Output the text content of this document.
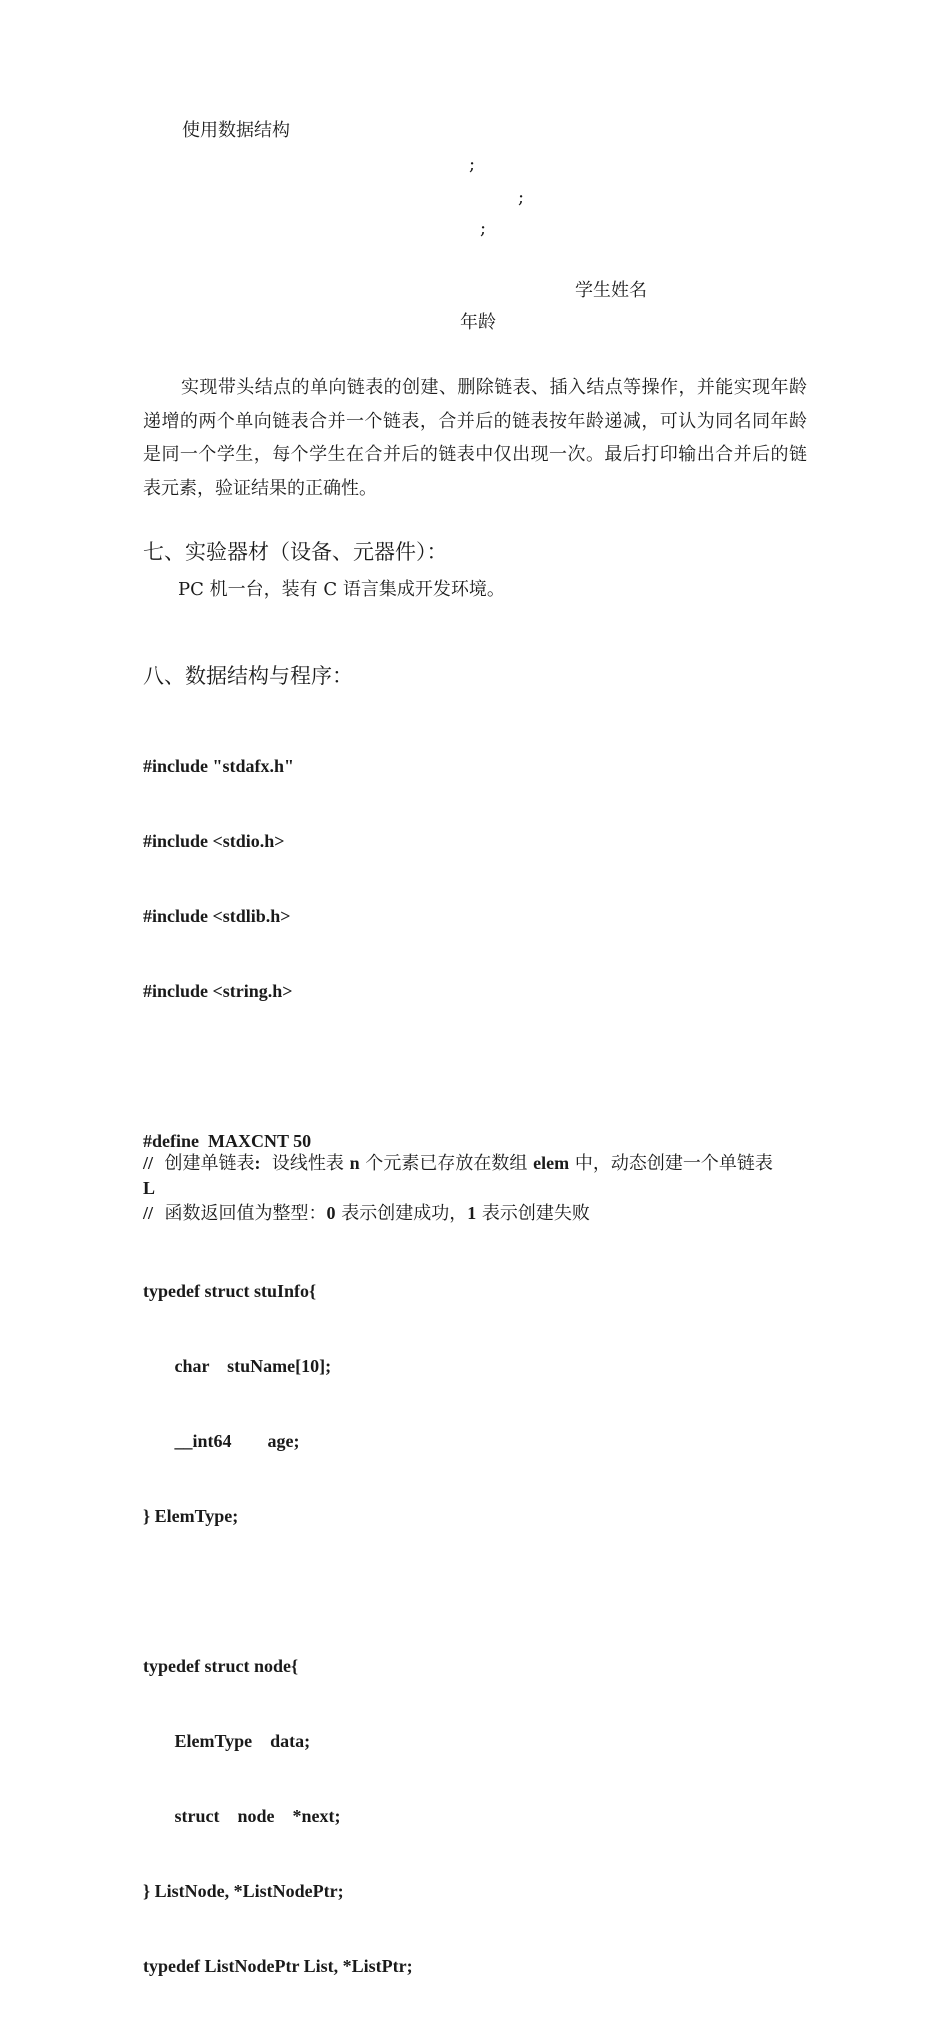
使用数据结构
;
;
;
学生姓名
年龄
实现带头结点的单向链表的创建、删除链表、插入结点等操作，并能实现年龄递增的两个单向链表合并一个链表，合并后的链表按年龄递减，可认为同名同年龄是同一个学生，每个学生在合并后的链表中仅出现一次。最后打印输出合并后的链表元素，验证结果的正确性。
七、实验器材（设备、元器件）：
PC 机一台，装有 C 语言集成开发环境。
八、数据结构与程序：

#include "stdafx.h"

#include <stdio.h>

#include <stdlib.h>

#include <string.h>

#define  MAXCNT 50

typedef struct stuInfo{

char    stuName[10];

__int64        age;

} ElemType;

typedef struct node{

ElemType    data;

struct    node    *next;

} ListNode, *ListNodePtr;

typedef ListNodePtr List, *ListPtr;

//  创建单链表:  设线性表 n 个元素已存放在数组 elem 中，动态创建一个单链表
L
//  函数返回值为整型：0 表示创建成功，1 表示创建失败
